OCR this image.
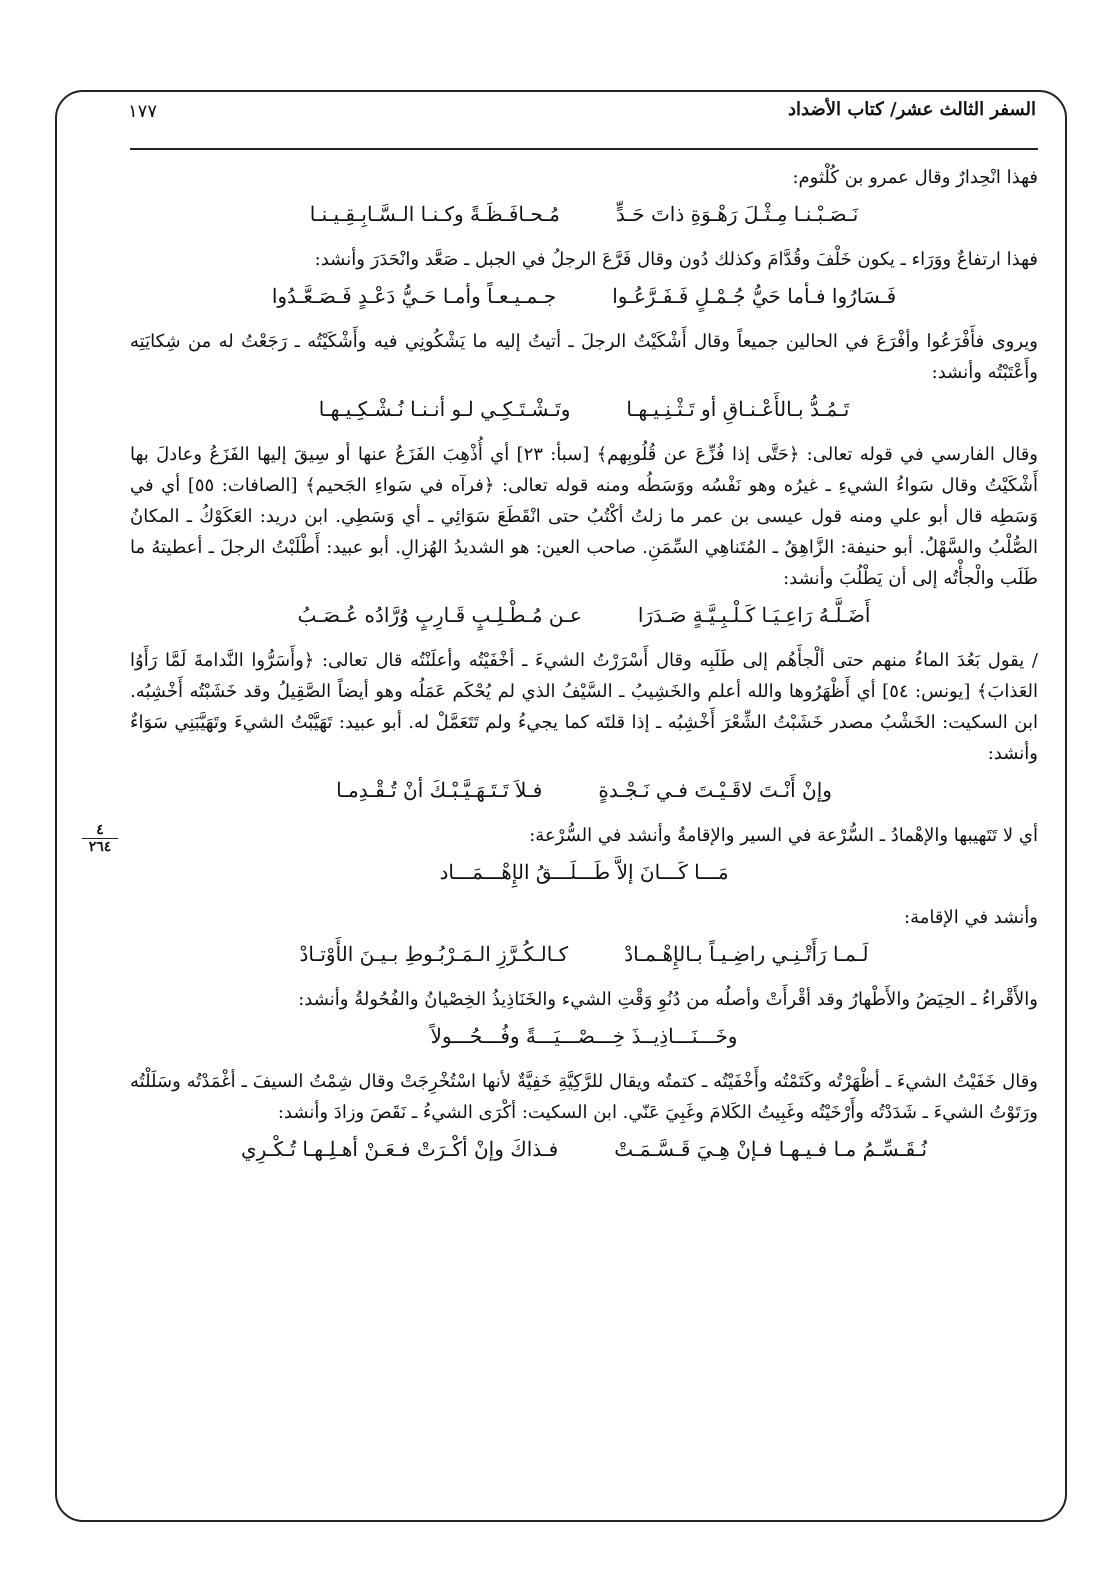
١٧٧	السفر الثالث عشر/ كتاب الأضداد
٤
٢٦٤

فهذا انْحِدارٌ وقال عمرو بن كُلْثوم:

نَـصَـبْـنـا مِـثْـلَ رَهْـوَةِ ذاتَ حَـدٍّ
مُـحـافَـظَـةً وكـنـا الـسَّـابِـقِـيـنـا

فهذا ارتفاعٌ ووَرَاء ـ يكون خَلْفَ وقُدَّامَ وكذلك دُون وقال فَرَّعَ الرجلُ في الجبل ـ صَعَّد وانْحَدَرَ وأنشد:

فَـسَارُوا فـأما حَيُّ جُـمْـلٍ فَـفَـرَّعُـوا
جـمـيـعـاً وأمـا حَـيُّ دَعْـدٍ فَـصَـعَّـدُوا

ويروى فأَفْرَعُوا وأفْرَعَ في الحالين جميعاً وقال أَشْكَيْتُ الرجلَ ـ أتيتُ إليه ما يَشْكُونِي فيه وأَشْكَيْتُه ـ رَجَعْتُ له من شِكايَتِه وأَعْتَبْتُه وأنشد:

تَـمُـدُّ بـالأَعْـنـاقِ أو تَـثْـنِـيـهـا
وتَـشْـتَـكِـي لـو أنـنـا نُـشْـكِـيـهـا

وقال الفارسي في قوله تعالى: ﴿حَتَّى إذا فُزِّعَ عن قُلُوبِهم﴾ [سبأ: ٢٣] أي أُذْهِبَ الفَزَعُ عنها أو سِيقَ إليها الفَزَعُ وعادلَ بها أَشْكَيْتُ وقال سَواءُ الشيءِ ـ غيرُه وهو نَفْسُه ووَسَطُه ومنه قوله تعالى: ﴿فرآه في سَواءِ الجَحيم﴾ [الصافات: ٥٥] أي في وَسَطِه قال أبو علي ومنه قول عيسى بن عمر ما زلتُ أكْتُبُ حتى انْقَطَعَ سَوَائِي ـ أي وَسَطِي. ابن دريد: العَكَوْكُ ـ المكانُ الصُّلْبُ والسَّهْلُ. أبو حنيفة: الزَّاهِقُ ـ المُتَناهِي السِّمَنِ. صاحب العين: هو الشديدُ الهُزالِ. أبو عبيد: أَطْلَبْتُ الرجلَ ـ أعطيتهُ ما طَلَب والْجأْتُه إلى أن يَطْلُبَ وأنشد:

أَضَـلَّـهُ رَاعِـيَـا كَـلْـبِـيَّـةٍ صَـدَرَا
عـن مُـطْـلِـبٍ قَـارِبٍ وُرَّادُه عُـصَـبُ

/ يقول بَعُدَ الماءُ منهم حتى ألْجأَهُم إلى طَلَبِه وقال أَسْرَرْتُ الشيءَ ـ أخْفَيْتُه وأعلَنْتُه قال تعالى: ﴿وأَسَرُّوا النَّدامةَ لَمَّا رَأَوُا العَذابَ﴾ [يونس: ٥٤] أي أَظْهَرُوها والله أعلم والخَشِيبُ ـ السَّيْفُ الذي لم يُحْكَم عَمَلُه وهو أيضاً الصَّقِيلُ وقد خَشَبْتُه أَخْشِبُه. ابن السكيت: الخَشْبُ مصدر خَشَبْتُ الشِّعْرَ أَخْشِبُه ـ إذا قلتَه كما يجيءُ ولم تَتَعَمَّلْ له. أبو عبيد: تَهَيَّبْتُ الشيءَ وتَهَيَّبَنِي سَوَاءٌ وأنشد:

وإنْ أَنْـتَ لاقَـيْـتَ فـي نَـجْـدةٍ
فـلاَ تَـتَـهَـيَّـبْـكَ أنْ تُـقْـدِمـا

أي لا تَتَهيبها والإهْمادُ ـ السُّرْعة في السير والإقامةُ وأنشد في السُّرْعة:

مَـــا كَـــانَ إلاَّ طَـــلَـــقُ الإِهْـــمَـــاد

وأنشد في الإقامة:

لَـمـا رَأَتْـنِـي راضِـيـاً بـالإِهْـمـادْ
كـالـكُـرَّزِ الـمَـرْبُـوطِ بـيـنَ الأَوْتـادْ

والأَقْراءُ ـ الحِيَضُ والأَطْهارُ وقد أقْرأَتْ وأصلُه من دُنُوِ وَقْتِ الشيء والخَنَاذِيذُ الخِصْيانُ والفُحُولةُ وأنشد:

وخَـــنَـــاذِيــذَ خِـــصْـــيَـــةً وفُـــحُـــولاً

وقال خَفَيْتُ الشيءَ ـ أظْهَرْتُه وكَتَمْتُه وأَخْفَيْتُه ـ كتمتُه ويقال للرَّكِيَّةِ خَفِيَّةٌ لأنها اسْتُخْرِجَتْ وقال شِمْتُ السيفَ ـ أغْمَدْتُه وسَلَلْتُه ورَتَوْتُ الشيءَ ـ شَدَدْتُه وأَرْخَيْتُه وغَبِيتُ الكَلامَ وغَبِيَ عَنّي. ابن السكيت: أكْرَى الشيءُ ـ نَقَصَ وزادَ وأنشد:

نُـقَـسِّـمُ مـا فـيـهـا فـإنْ هِـيَ قَـسَّـمَـتْ
فـذاكَ وإنْ أكْـرَتْ فـعَـنْ أهـلِـهـا تُـكْـرِي
